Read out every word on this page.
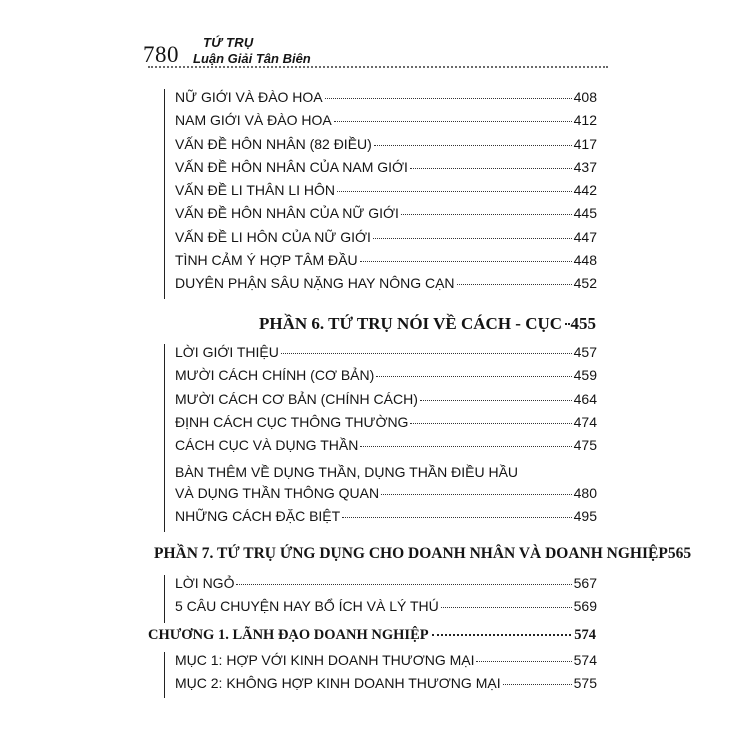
780 TỨ TRỤ
Luận Giải Tân Biên
NỮ GIỚI VÀ ĐÀO HOA	408
NAM GIỚI VÀ ĐÀO HOA	412
VẤN ĐỀ HÔN NHÂN (82 ĐIỀU)	417
VẤN ĐỀ HÔN NHÂN CỦA NAM GIỚI	437
VẤN ĐỀ LI THÂN LI HÔN	442
VẤN ĐỀ HÔN NHÂN CỦA NỮ GIỚI	445
VẤN ĐỀ LI HÔN CỦA NỮ GIỚI	447
TÌNH CẢM Ý HỢP TÂM ĐẦU	448
DUYÊN PHẬN SÂU NẶNG HAY NÔNG CẠN	452
PHẦN 6. TỨ TRỤ NÓI VỀ CÁCH - CỤC 455
LỜI GIỚI THIỆU	457
MƯỜI CÁCH CHÍNH (CƠ BẢN)	459
MƯỜI CÁCH CƠ BẢN (CHÍNH CÁCH)	464
ĐỊNH CÁCH CỤC THÔNG THƯỜNG	474
CÁCH CỤC VÀ DỤNG THẦN	475
BÀN THÊM VỀ DỤNG THẦN, DỤNG THẦN ĐIỀU HẦU
VÀ DỤNG THẦN THÔNG QUAN	480
NHỮNG CÁCH ĐẶC BIỆT	495
PHẦN 7. TỨ TRỤ ỨNG DỤNG CHO DOANH NHÂN VÀ DOANH NGHIỆP 565
LỜI NGỎ	567
5 CÂU CHUYỆN HAY BỔ ÍCH VÀ LÝ THÚ	569
CHƯƠNG 1. LÃNH ĐẠO DOANH NGHIỆP	574
MỤC 1: HỢP VỚI KINH DOANH THƯƠNG MẠI	574
MỤC 2: KHÔNG HỢP KINH DOANH THƯƠNG MẠI	575
